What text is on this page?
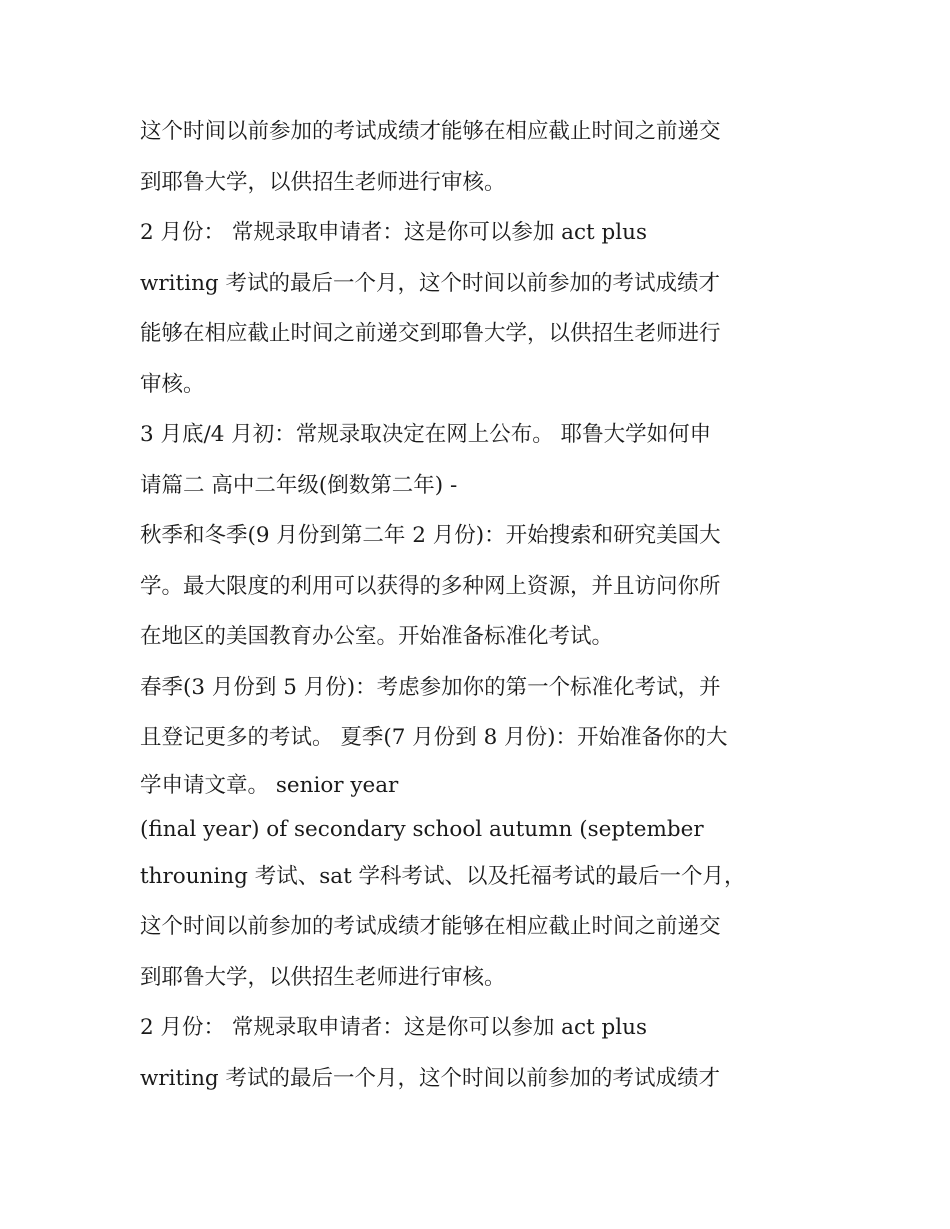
这个时间以前参加的考试成绩才能够在相应截止时间之前递交
到耶鲁大学，以供招生老师进行审核。
2 月份： 常规录取申请者：这是你可以参加 act plus
writing 考试的最后一个月，这个时间以前参加的考试成绩才
能够在相应截止时间之前递交到耶鲁大学，以供招生老师进行
审核。
3 月底/4 月初：常规录取决定在网上公布。 耶鲁大学如何申
请篇二 高中二年级(倒数第二年) -
秋季和冬季(9 月份到第二年 2 月份)：开始搜索和研究美国大
学。最大限度的利用可以获得的多种网上资源，并且访问你所
在地区的美国教育办公室。开始准备标准化考试。
春季(3 月份到 5 月份)：考虑参加你的第一个标准化考试，并
且登记更多的考试。 夏季(7 月份到 8 月份)：开始准备你的大
学申请文章。 senior year
(final year) of secondary school autumn (september
throuning 考试、sat 学科考试、以及托福考试的最后一个月，
这个时间以前参加的考试成绩才能够在相应截止时间之前递交
到耶鲁大学，以供招生老师进行审核。
2 月份： 常规录取申请者：这是你可以参加 act plus
writing 考试的最后一个月，这个时间以前参加的考试成绩才
